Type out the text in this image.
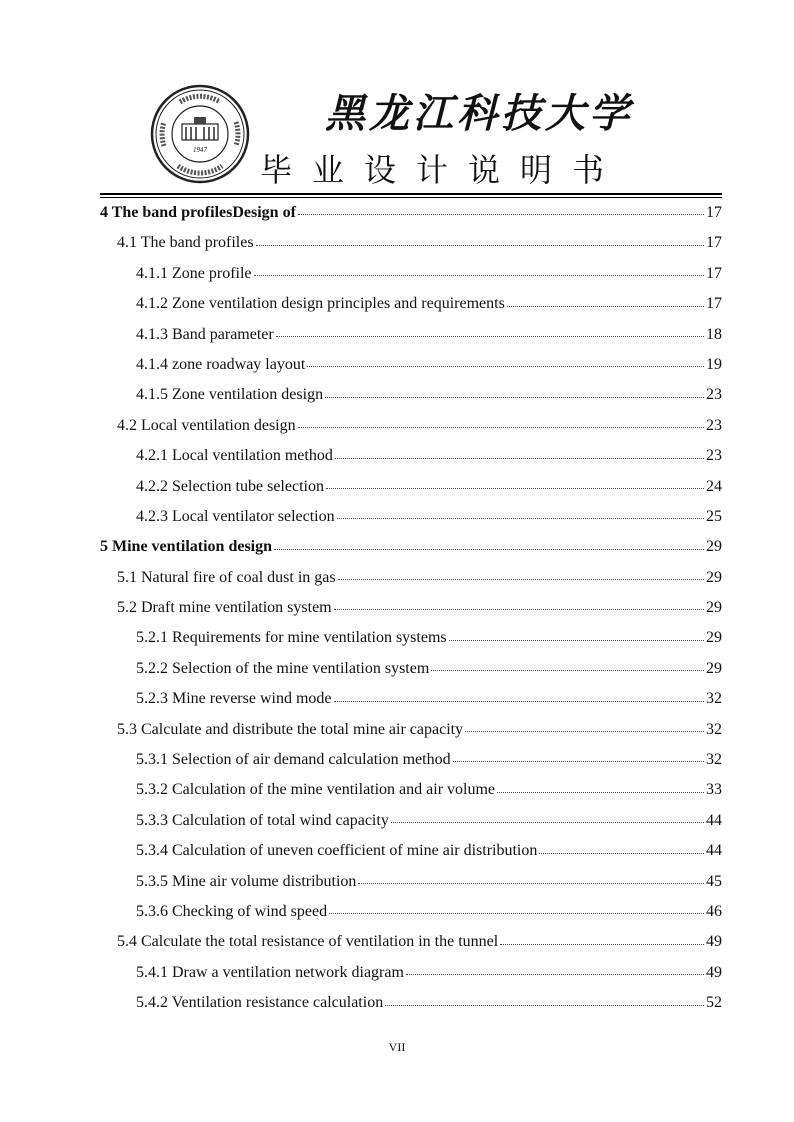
1947
黑龙江科技大学
毕业设计说明书
4 The band profilesDesign of	17
4.1 The band profiles	17
4.1.1 Zone profile	17
4.1.2 Zone ventilation design principles and requirements	17
4.1.3 Band parameter	18
4.1.4 zone roadway layout	19
4.1.5 Zone ventilation design	23
4.2 Local ventilation design	23
4.2.1 Local ventilation method	23
4.2.2 Selection tube selection	24
4.2.3 Local ventilator selection	25
5 Mine ventilation design	29
5.1 Natural fire of coal dust in gas	29
5.2 Draft mine ventilation system	29
5.2.1 Requirements for mine ventilation systems	29
5.2.2 Selection of the mine ventilation system	29
5.2.3 Mine reverse wind mode	32
5.3 Calculate and distribute the total mine air capacity	32
5.3.1 Selection of air demand calculation method	32
5.3.2 Calculation of the mine ventilation and air volume	33
5.3.3 Calculation of total wind capacity	44
5.3.4 Calculation of uneven coefficient of mine air distribution	44
5.3.5 Mine air volume distribution	45
5.3.6 Checking of wind speed	46
5.4 Calculate the total resistance of ventilation in the tunnel	49
5.4.1 Draw a ventilation network diagram	49
5.4.2 Ventilation resistance calculation	52
VII
